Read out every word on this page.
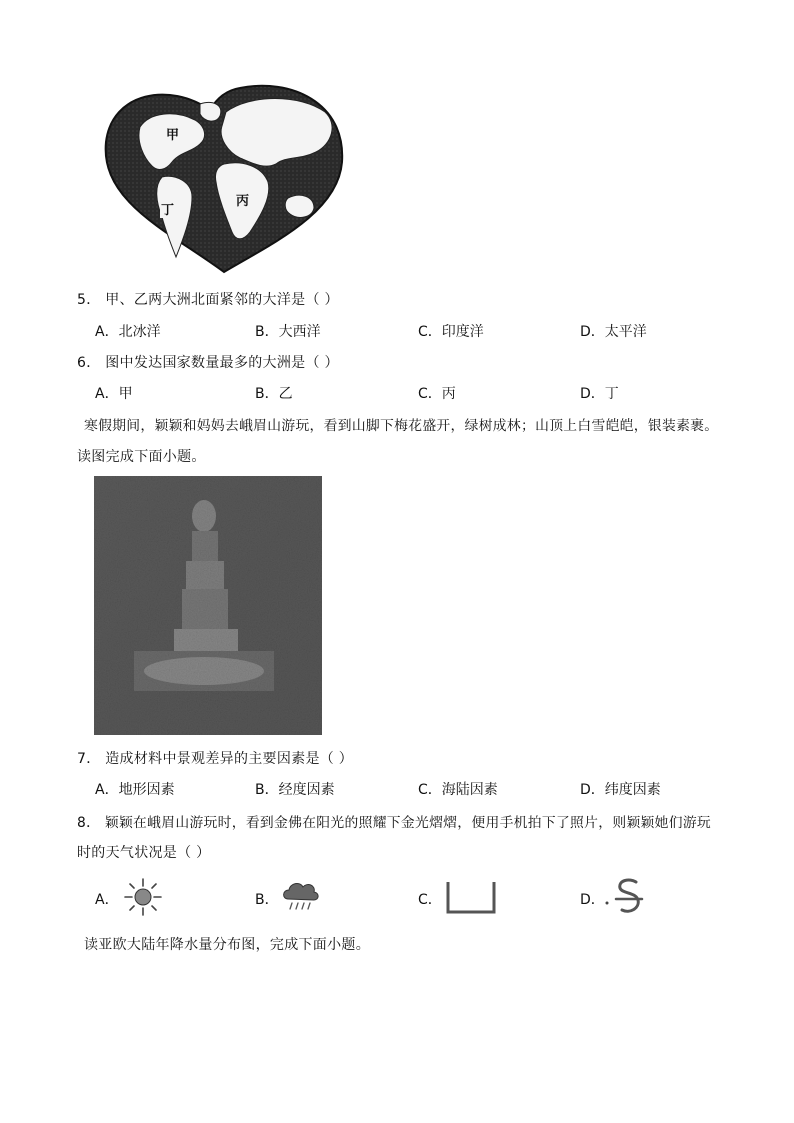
甲
丁
丙
5． 甲、乙两大洲北面紧邻的大洋是（ ）
A．北冰洋	B．大西洋	C．印度洋	D．太平洋
6． 图中发达国家数量最多的大洲是（ ）
A．甲	B．乙	C．丙	D．丁
寒假期间，颖颖和妈妈去峨眉山游玩，看到山脚下梅花盛开，绿树成林；山顶上白雪皑皑，银装素裹。
读图完成下面小题。
7． 造成材料中景观差异的主要因素是（ ）
A．地形因素	B．经度因素	C．海陆因素	D．纬度因素
8． 颖颖在峨眉山游玩时，看到金佛在阳光的照耀下金光熠熠，便用手机拍下了照片，则颖颖她们游玩
时的天气状况是（ ）
A．	B．	C．	D．
读亚欧大陆年降水量分布图，完成下面小题。
